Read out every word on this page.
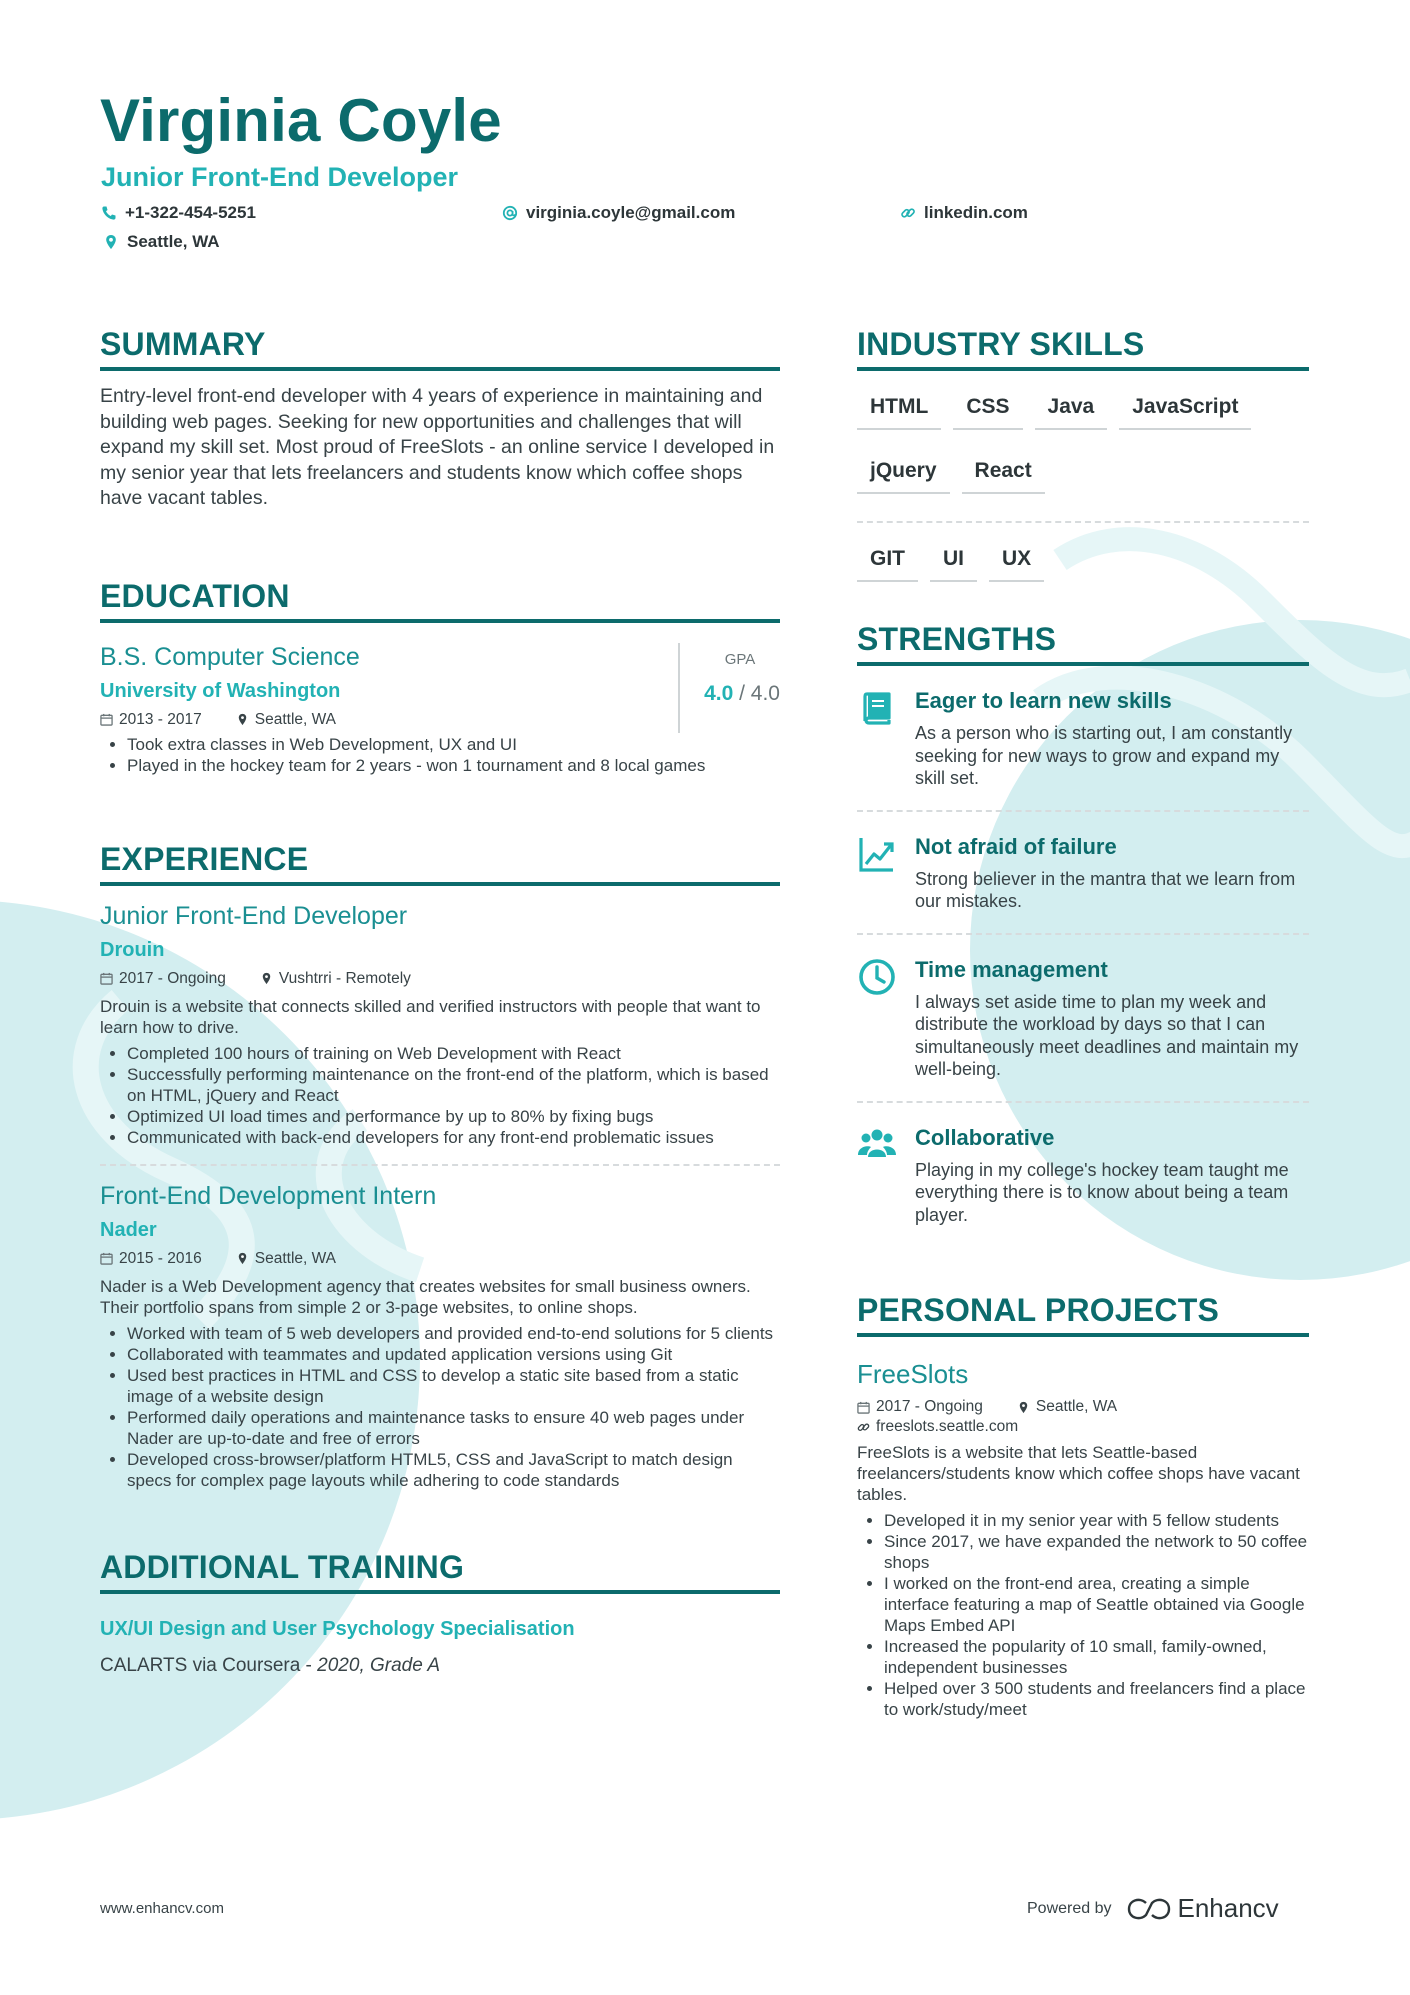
Virginia Coyle
Junior Front-End Developer
+1-322-454-5251	virginia.coyle@gmail.com	linkedin.com
Seattle, WA
SUMMARY
Entry-level front-end developer with 4 years of experience in maintaining and building web pages. Seeking for new opportunities and challenges that will expand my skill set. Most proud of FreeSlots - an online service I developed in my senior year that lets freelancers and students know which coffee shops have vacant tables.
EDUCATION
B.S. Computer Science
University of Washington
2013 - 2017	Seattle, WA
• Took extra classes in Web Development, UX and UI
• Played in the hockey team for 2 years - won 1 tournament and 8 local games
GPA
4.0 / 4.0
EXPERIENCE
Junior Front-End Developer
Drouin
2017 - Ongoing	Vushtrri - Remotely
Drouin is a website that connects skilled and verified instructors with people that want to learn how to drive.
• Completed 100 hours of training on Web Development with React
• Successfully performing maintenance on the front-end of the platform, which is based on HTML, jQuery and React
• Optimized UI load times and performance by up to 80% by fixing bugs
• Communicated with back-end developers for any front-end problematic issues
Front-End Development Intern
Nader
2015 - 2016	Seattle, WA
Nader is a Web Development agency that creates websites for small business owners. Their portfolio spans from simple 2 or 3-page websites, to online shops.
• Worked with team of 5 web developers and provided end-to-end solutions for 5 clients
• Collaborated with teammates and updated application versions using Git
• Used best practices in HTML and CSS to develop a static site based from a static image of a website design
• Performed daily operations and maintenance tasks to ensure 40 web pages under Nader are up-to-date and free of errors
• Developed cross-browser/platform HTML5, CSS and JavaScript to match design specs for complex page layouts while adhering to code standards
ADDITIONAL TRAINING
UX/UI Design and User Psychology Specialisation
CALARTS via Coursera - 2020, Grade A
INDUSTRY SKILLS
HTML	CSS	Java	JavaScript
jQuery	React
GIT	UI	UX
STRENGTHS
Eager to learn new skills
As a person who is starting out, I am constantly seeking for new ways to grow and expand my skill set.
Not afraid of failure
Strong believer in the mantra that we learn from our mistakes.
Time management
I always set aside time to plan my week and distribute the workload by days so that I can simultaneously meet deadlines and maintain my well-being.
Collaborative
Playing in my college's hockey team taught me everything there is to know about being a team player.
PERSONAL PROJECTS
FreeSlots
2017 - Ongoing	Seattle, WA
freeslots.seattle.com
FreeSlots is a website that lets Seattle-based freelancers/students know which coffee shops have vacant tables.
• Developed it in my senior year with 5 fellow students
• Since 2017, we have expanded the network to 50 coffee shops
• I worked on the front-end area, creating a simple interface featuring a map of Seattle obtained via Google Maps Embed API
• Increased the popularity of 10 small, family-owned, independent businesses
• Helped over 3 500 students and freelancers find a place to work/study/meet
www.enhancv.com	Powered by	Enhancv
